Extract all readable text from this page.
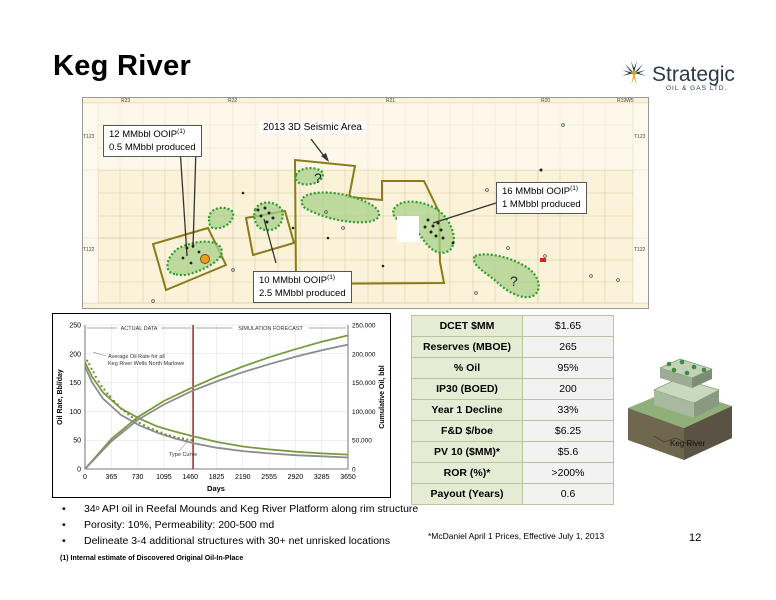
Keg River	Strategic
OIL & GAS LTD.
R23	R22	R21	R20	R19W5
T123	T123
T122	T122
?
?
12 MMbbl OOIP$^{(1)}$
0.5 MMbbl produced
10 MMbbl OOIP$^{(1)}$
2.5 MMbbl produced
16 MMbbl OOIP$^{(1)}$
1 MMbbl produced
2013 3D Seismic Area
ACTUAL DATA	SIMULATION FORECAST
0	365 730 1095 1460 1825 2190 2555 2920 3285 3650
0
50
100
150
200
250
0
50,000
100,000
150,000
200,000
250,000
Days
Oil Rate, Bbl/day	Cumulative Oil, bbl
Average Oil Rate for all
Keg River Wells North Marlowe
Type Curve
DCET $MM	$1.65
Reserves (MBOE)	265
% Oil	95%
IP30 (BOED)	200
Year 1 Decline	33%
F&D $/boe	$6.25
PV 10 ($MM)*	$5.6
ROR (%)*	>200%
Payout (Years)	0.6
Keg River
• 34$^o$ API oil in Reefal Mounds and Keg River Platform along rim structure
• Porosity: 10%, Permeability: 200-500 md
• Delineate 3-4 additional structures with 30+ net unrisked locations	*McDaniel April 1 Prices, Effective July 1, 2013
(1) Internal estimate of Discovered Original Oil-In-Place
12
